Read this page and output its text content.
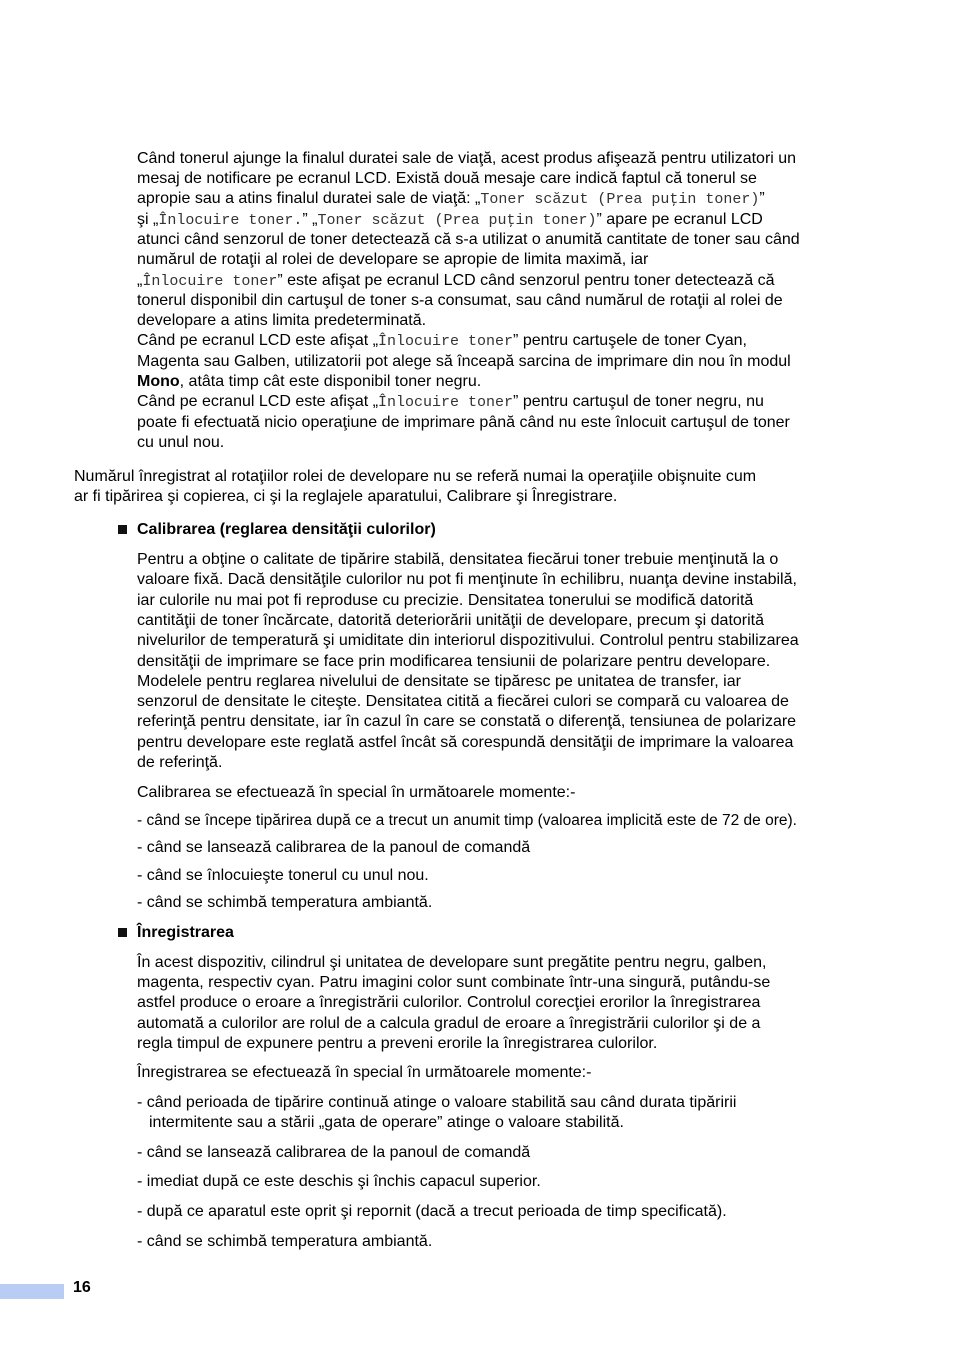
Când tonerul ajunge la finalul duratei sale de viaţă, acest produs afişează pentru utilizatori un

mesaj de notificare pe ecranul LCD. Există două mesaje care indică faptul că tonerul se

apropie sau a atins finalul duratei sale de viaţă: „Toner scăzut (Prea puţin toner)”

şi „Înlocuire toner.” „Toner scăzut (Prea puţin toner)” apare pe ecranul LCD

atunci când senzorul de toner detectează că s-a utilizat o anumită cantitate de toner sau când

numărul de rotaţii al rolei de developare se apropie de limita maximă, iar

„Înlocuire toner” este afişat pe ecranul LCD când senzorul pentru toner detectează că

tonerul disponibil din cartuşul de toner s-a consumat, sau când numărul de rotaţii al rolei de

developare a atins limita predeterminată.

Când pe ecranul LCD este afişat „Înlocuire toner” pentru cartuşele de toner Cyan,

Magenta sau Galben, utilizatorii pot alege să înceapă sarcina de imprimare din nou în modul

Mono, atâta timp cât este disponibil toner negru.

Când pe ecranul LCD este afişat „Înlocuire toner” pentru cartuşul de toner negru, nu

poate fi efectuată nicio operaţiune de imprimare până când nu este înlocuit cartuşul de toner

cu unul nou.

Numărul înregistrat al rotaţiilor rolei de developare nu se referă numai la operaţiile obişnuite cum

ar fi tipărirea şi copierea, ci şi la reglajele aparatului, Calibrare şi Înregistrare.

Calibrarea (reglarea densităţii culorilor)

Pentru a obţine o calitate de tipărire stabilă, densitatea fiecărui toner trebuie menţinută la o

valoare fixă. Dacă densităţile culorilor nu pot fi menţinute în echilibru, nuanţa devine instabilă,

iar culorile nu mai pot fi reproduse cu precizie. Densitatea tonerului se modifică datorită

cantităţii de toner încărcate, datorită deteriorării unităţii de developare, precum şi datorită

nivelurilor de temperatură şi umiditate din interiorul dispozitivului. Controlul pentru stabilizarea

densităţii de imprimare se face prin modificarea tensiunii de polarizare pentru developare.

Modelele pentru reglarea nivelului de densitate se tipăresc pe unitatea de transfer, iar

senzorul de densitate le citeşte. Densitatea citită a fiecărei culori se compară cu valoarea de

referinţă pentru densitate, iar în cazul în care se constată o diferenţă, tensiunea de polarizare

pentru developare este reglată astfel încât să corespundă densităţii de imprimare la valoarea

de referinţă.

Calibrarea se efectuează în special în următoarele momente:-

- când se începe tipărirea după ce a trecut un anumit timp (valoarea implicită este de 72 de ore).

- când se lansează calibrarea de la panoul de comandă

- când se înlocuieşte tonerul cu unul nou.

- când se schimbă temperatura ambiantă.

Înregistrarea

În acest dispozitiv, cilindrul şi unitatea de developare sunt pregătite pentru negru, galben,

magenta, respectiv cyan. Patru imagini color sunt combinate într-una singură, putându-se

astfel produce o eroare a înregistrării culorilor. Controlul corecţiei erorilor la înregistrarea

automată a culorilor are rolul de a calcula gradul de eroare a înregistrării culorilor şi de a

regla timpul de expunere pentru a preveni erorile la înregistrarea culorilor.

Înregistrarea se efectuează în special în următoarele momente:-

- când perioada de tipărire continuă atinge o valoare stabilită sau când durata tipăririi

intermitente sau a stării „gata de operare” atinge o valoare stabilită.

- când se lansează calibrarea de la panoul de comandă

- imediat după ce este deschis şi închis capacul superior.

- după ce aparatul este oprit şi repornit (dacă a trecut perioada de timp specificată).

- când se schimbă temperatura ambiantă.

16
